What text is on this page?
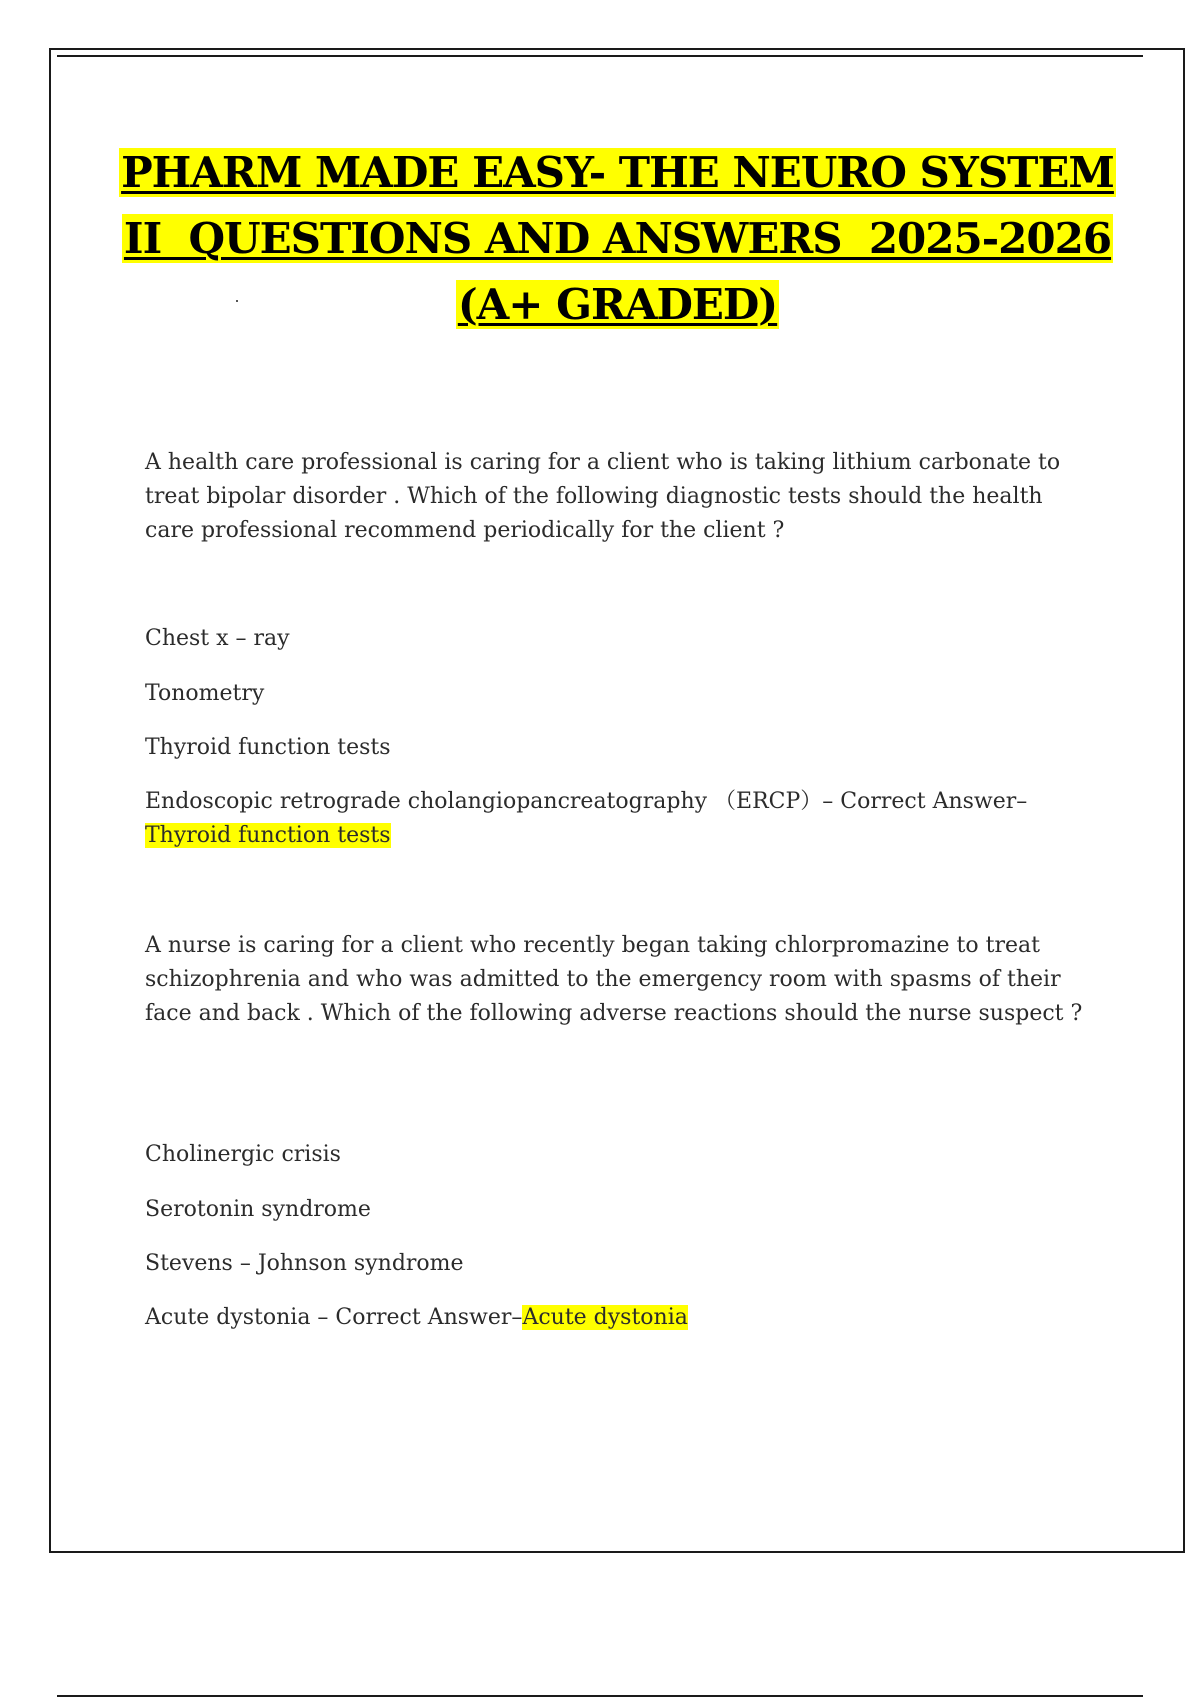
PHARM MADE EASY- THE NEURO SYSTEM
II  QUESTIONS AND ANSWERS  2025-2026
(A+ GRADED)
A health care professional is caring for a client who is taking lithium carbonate to treat bipolar disorder . Which of the following diagnostic tests should the health care professional recommend periodically for the client ?
Chest x – ray
Tonometry
Thyroid function tests
Endoscopic retrograde cholangiopancreatography （ERCP）– Correct Answer–
Thyroid function tests
A nurse is caring for a client who recently began taking chlorpromazine to treat schizophrenia and who was admitted to the emergency room with spasms of their face and back . Which of the following adverse reactions should the nurse suspect ?
Cholinergic crisis
Serotonin syndrome
Stevens – Johnson syndrome
Acute dystonia – Correct Answer–Acute dystonia
